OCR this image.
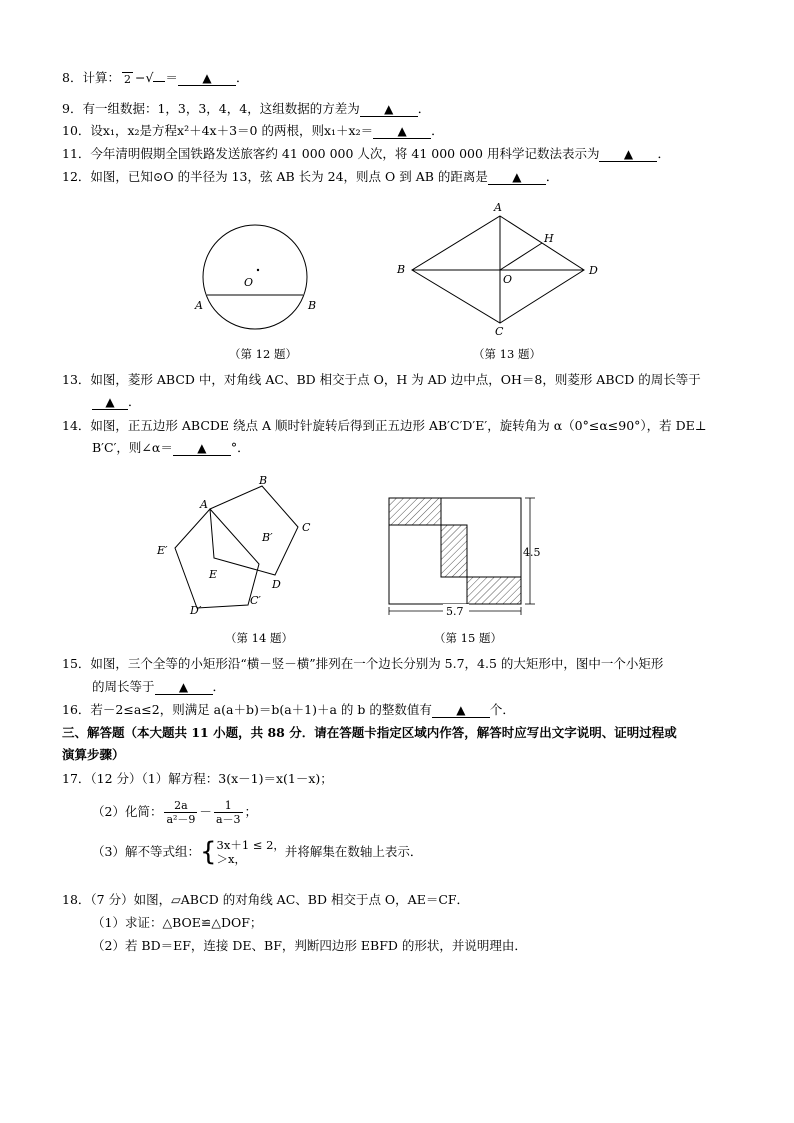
8．计算： 2 −√ ＝ ▲ ．
9．有一组数据：1，3，3，4，4，这组数据的方差为 ▲ ．
10．设x₁，x₂是方程x²＋4x＋3＝0 的两根，则x₁＋x₂＝ ▲ ．
11．今年清明假期全国铁路发送旅客约 41 000 000 人次，将 41 000 000 用科学记数法表示为 ▲ ．
12．如图，已知⊙O 的半径为 13，弦 AB 长为 24，则点 O 到 AB 的距离是 ▲ ．
O
A	B
A
B
C
D
O
H
（第 12 题）	（第 13 题）
13．如图，菱形 ABCD 中，对角线 AC、BD 相交于点 O，H 为 AD 边中点，OH＝8，则菱形 ABCD 的周长等于
▲ ．
14．如图，正五边形 ABCDE 绕点 A 顺时针旋转后得到正五边形 AB′C′D′E′，旋转角为 α（0°≤α≤90°），若 DE⊥
B′C′，则∠α＝ ▲ °．
A
B
C
D
E
B′
C′
D′
E′	4.5
5.7
（第 14 题）	（第 15 题）
15．如图，三个全等的小矩形沿“横－竖－横”排列在一个边长分别为 5.7，4.5 的大矩形中，图中一个小矩形
的周长等于 ▲ ．
16．若－2≤a≤2，则满足 a(a＋b)＝b(a＋1)＋a 的 b 的整数值有 ▲ 个．
三、解答题（本大题共 11 小题，共 88 分．请在答题卡指定区域内作答，解答时应写出文字说明、证明过程或
演算步骤）
17．（12 分）（1）解方程：3(x－1)＝x(1－x)；
（2）化简： $\frac{2a}{\text{a²－9}} - \frac{1}{a-3}$ ；
（3）解不等式组：{ 3x＋1 ≤ 2，
＞x，	并将解集在数轴上表示．
18．（7 分）如图，▱ABCD 的对角线 AC、BD 相交于点 O，AE＝CF．
（1）求证：△BOE≌△DOF；
（2）若 BD＝EF，连接 DE、BF，判断四边形 EBFD 的形状，并说明理由．
